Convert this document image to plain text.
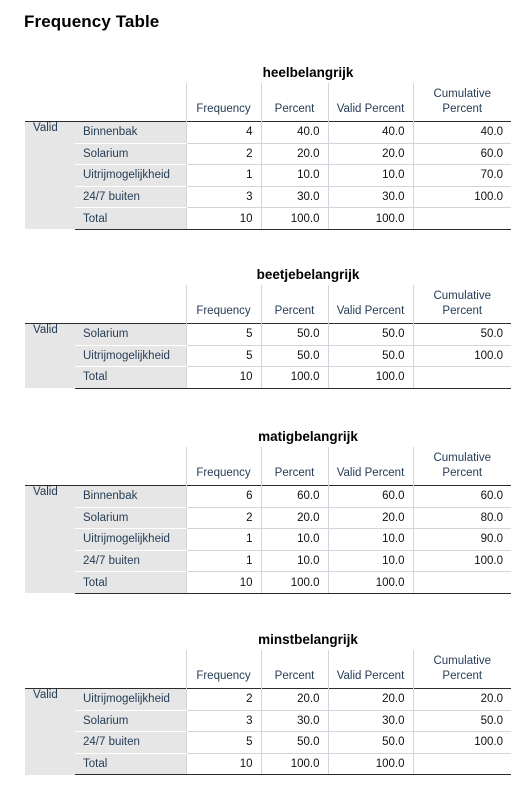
Frequency Table
heelbelangrijk
		Frequency	Percent	Valid Percent	Cumulative
Percent
Valid	Binnenbak	4	40.0	40.0	40.0
	Solarium	2	20.0	20.0	60.0
	Uitrijmogelijkheid	1	10.0	10.0	70.0
	24/7 buiten	3	30.0	30.0	100.0
	Total	10	100.0	100.0	
beetjebelangrijk
		Frequency	Percent	Valid Percent	Cumulative
Percent
Valid	Solarium	5	50.0	50.0	50.0
	Uitrijmogelijkheid	5	50.0	50.0	100.0
	Total	10	100.0	100.0	
matigbelangrijk
		Frequency	Percent	Valid Percent	Cumulative
Percent
Valid	Binnenbak	6	60.0	60.0	60.0
	Solarium	2	20.0	20.0	80.0
	Uitrijmogelijkheid	1	10.0	10.0	90.0
	24/7 buiten	1	10.0	10.0	100.0
	Total	10	100.0	100.0	
minstbelangrijk
		Frequency	Percent	Valid Percent	Cumulative
Percent
Valid	Uitrijmogelijkheid	2	20.0	20.0	20.0
	Solarium	3	30.0	30.0	50.0
	24/7 buiten	5	50.0	50.0	100.0
	Total	10	100.0	100.0	
